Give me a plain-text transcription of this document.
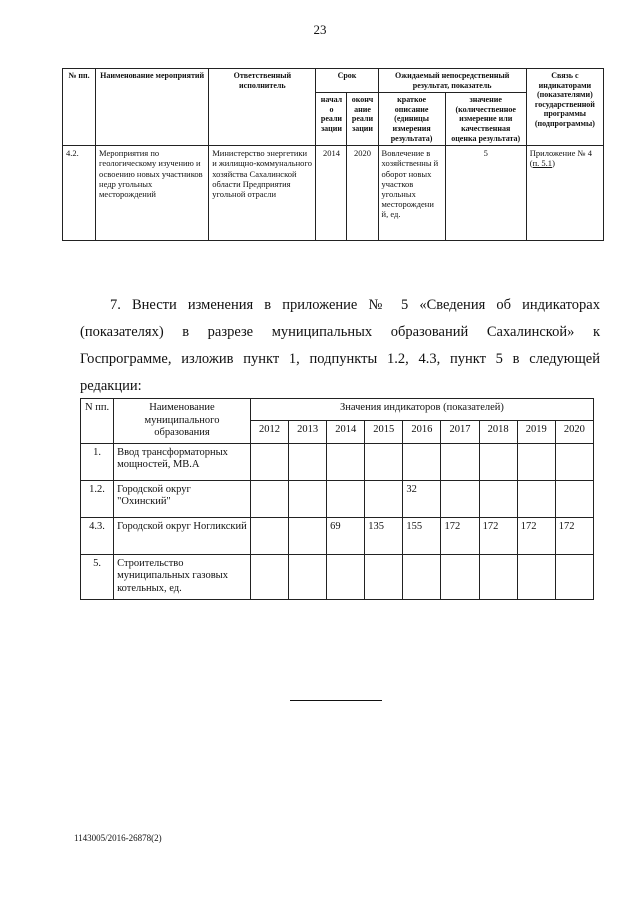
23
№ пп.	Наименование мероприятий	Ответственный исполнитель	Срок		Ожидаемый непосредственный результат, показатель		Связь с индикаторами (показателями) государственной программы (подпрограммы)
			начал о реали зации	оконч ание реали зации	краткое описание (единицы измерения результата)	значение (количественное измерение или качественная оценка результата)	
4.2.	Мероприятия по геологическому изучению и освоению новых участников недр угольных месторождений	Министерство энергетики и жилищно-коммунального хозяйства Сахалинской области Предприятия угольной отрасли	2014	2020	Вовлечение в хозяйственны й оборот новых участков угольных месторождени й, ед.	5	Приложение № 4 (п. 5.1)
7. Внести изменения в приложение № 5 «Сведения об индикаторах (показателях) в разрезе муниципальных образований Сахалинской» к Госпрограмме, изложив пункт 1, подпункты 1.2, 4.3, пункт 5 в следующей редакции:
N пп.	Наименование муниципального образования	Значения индикаторов (показателей)								
		2012	2013	2014	2015	2016	2017	2018	2019	2020
1.	Ввод трансформаторных мощностей, МВ.А									
1.2.	Городской округ "Охинский"					32				
4.3.	Городской округ Ногликский			69	135	155	172	172	172	172
5.	Строительство муниципальных газовых котельных, ед.									
1143005/2016-26878(2)
